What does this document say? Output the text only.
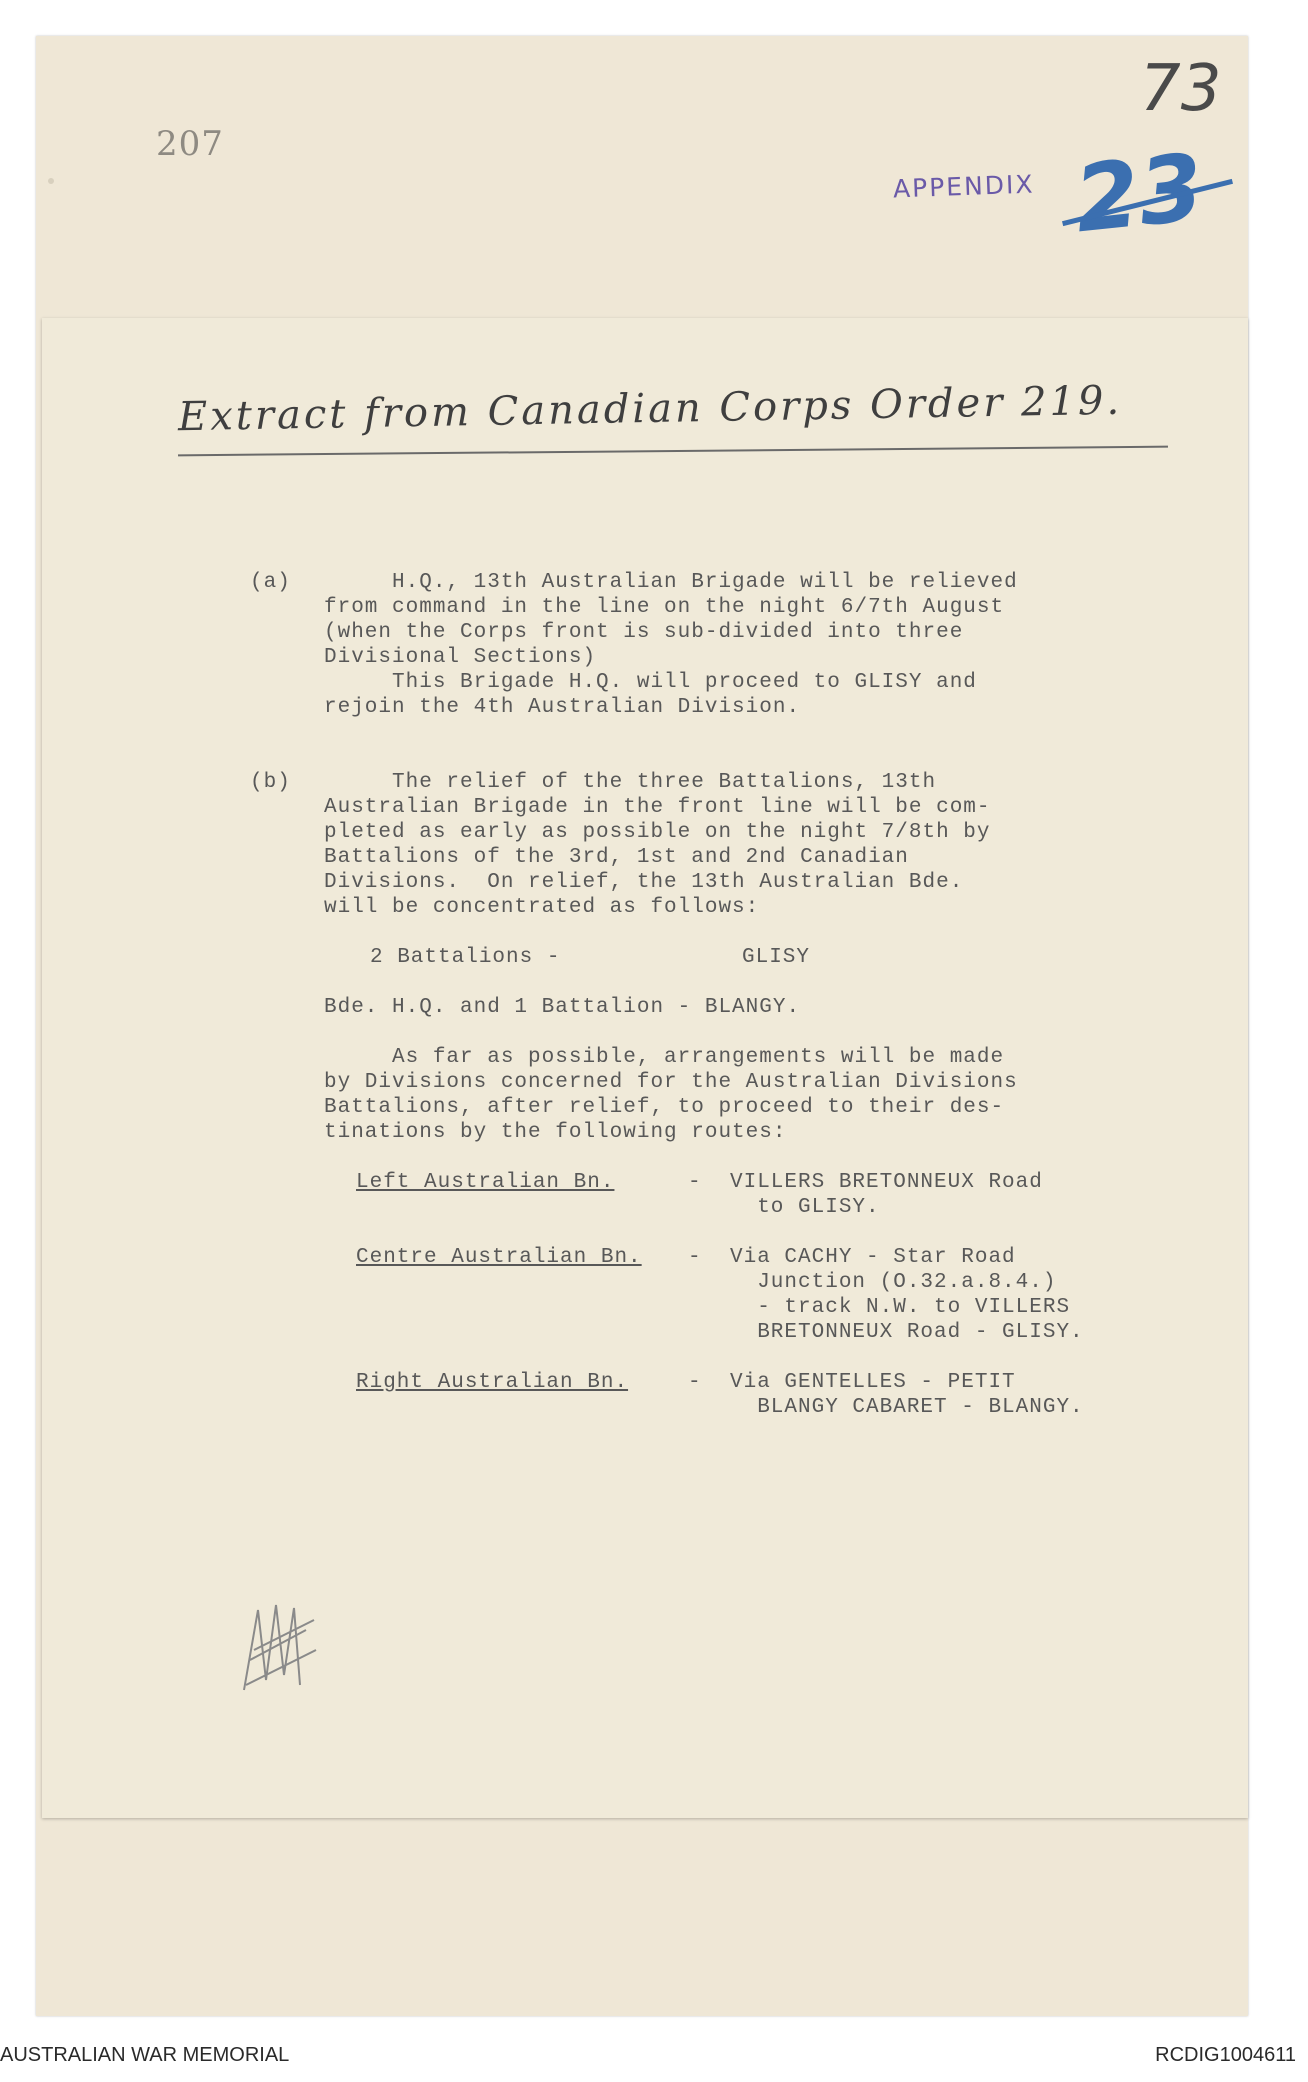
207
73
APPENDIX 23
Extract from Canadian Corps Order 219.
(a) H.Q., 13th Australian Brigade will be relieved
from command in the line on the night 6/7th August
(when the Corps front is sub-divided into three
Divisional Sections)
This Brigade H.Q. will proceed to GLISY and
rejoin the 4th Australian Division.
(b) The relief of the three Battalions, 13th
Australian Brigade in the front line will be com-
pleted as early as possible on the night 7/8th by
Battalions of the 3rd, 1st and 2nd Canadian
Divisions.  On relief, the 13th Australian Bde.
will be concentrated as follows:
2 Battalions -	GLISY
Bde. H.Q. and 1 Battalion - BLANGY.
As far as possible, arrangements will be made
by Divisions concerned for the Australian Divisions
Battalions, after relief, to proceed to their des-
tinations by the following routes:
Left Australian Bn.	- VILLERS BRETONNEUX Road
to GLISY.
Centre Australian Bn. - Via CACHY - Star Road
Junction (O.32.a.8.4.)
- track N.W. to VILLERS
BRETONNEUX Road - GLISY.
Right Australian Bn.	- Via GENTELLES - PETIT
BLANGY CABARET - BLANGY.
AUSTRALIAN WAR MEMORIAL	RCDIG1004611
